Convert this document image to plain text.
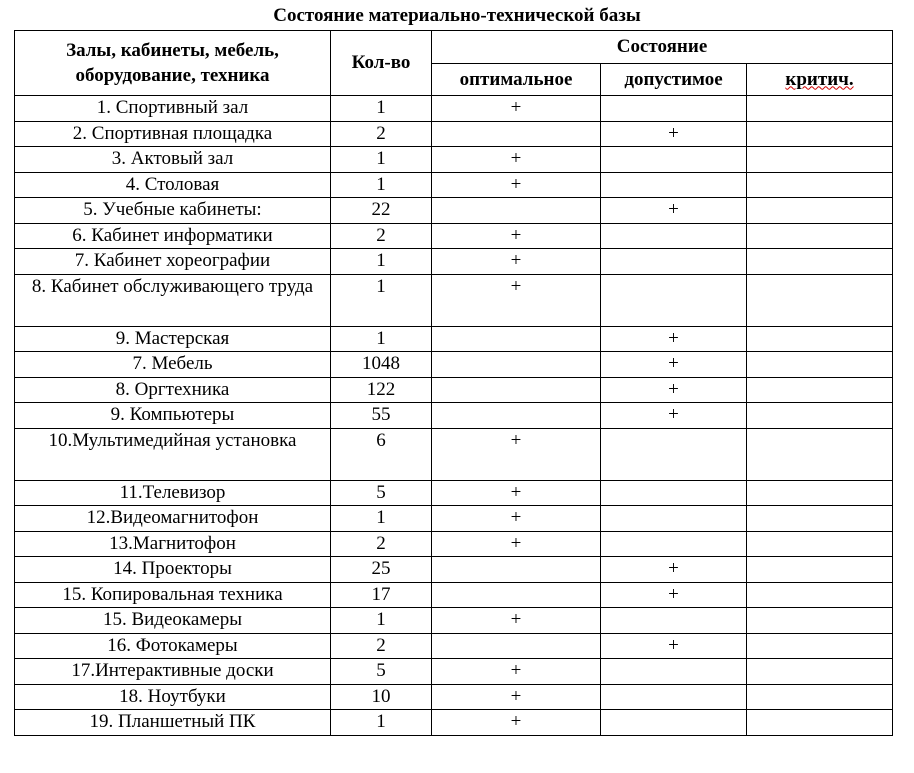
Состояние материально-технической базы
Залы, кабинеты, мебель, оборудование, техника	Кол-во	Состояние		
		оптимальное	допустимое	критич.
1. Спортивный зал	1	+		
2. Спортивная площадка	2		+	
3. Актовый зал	1	+		
4. Столовая	1	+		
5. Учебные кабинеты:	22		+	
6. Кабинет информатики	2	+		
7. Кабинет хореографии	1	+		
8. Кабинет обслуживающего труда	1	+		
9. Мастерская	1		+	
7. Мебель	1048		+	
8. Оргтехника	122		+	
9. Компьютеры	55		+	
10.Мультимедийная установка	6	+		
11.Телевизор	5	+		
12.Видеомагнитофон	1	+		
13.Магнитофон	2	+		
14. Проекторы	25		+	
15. Копировальная техника	17		+	
15. Видеокамеры	1	+		
16. Фотокамеры	2		+	
17.Интерактивные доски	5	+		
18. Ноутбуки	10	+		
19. Планшетный ПК	1	+		
